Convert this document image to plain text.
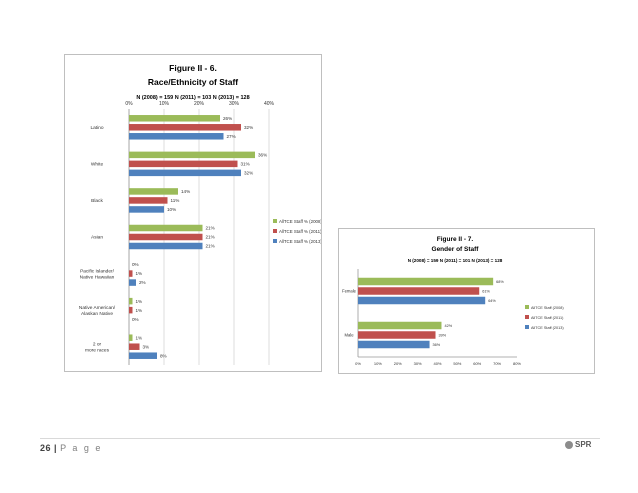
Figure II - 6.
Race/Ethnicity of Staff
N (2008) = 159 N (2011) = 103 N (2013) = 128
0%	10%	20%	30%	40%
26%
32%
27%
Latino
36%
31%
32%
White
14%
11%
10%
Black
21%
21%
21%
Asian
0%
1%
2%
Pacific Islander/ Native Hawaiian
1%
1%
0%
Native American/ Alaskan Native
1%
3%
8%
2 or more races
AllTCE Staff % (2008)
AllTCE Staff % (2011)
AllTCE Staff % (2013)	Figure II - 7.
Gender of Staff
N (2008) = 159 N (2011) = 101 N (2013) = 128
0%	10%	20%	30%	40%	50%	60%	70%	80%
68%
61%
64%
Female
42%
39%
36%
Male
AllTCE Staff (2008)
AllTCE Staff (2011)
AllTCE Staff (2013)
26 | P a g e	SPR
